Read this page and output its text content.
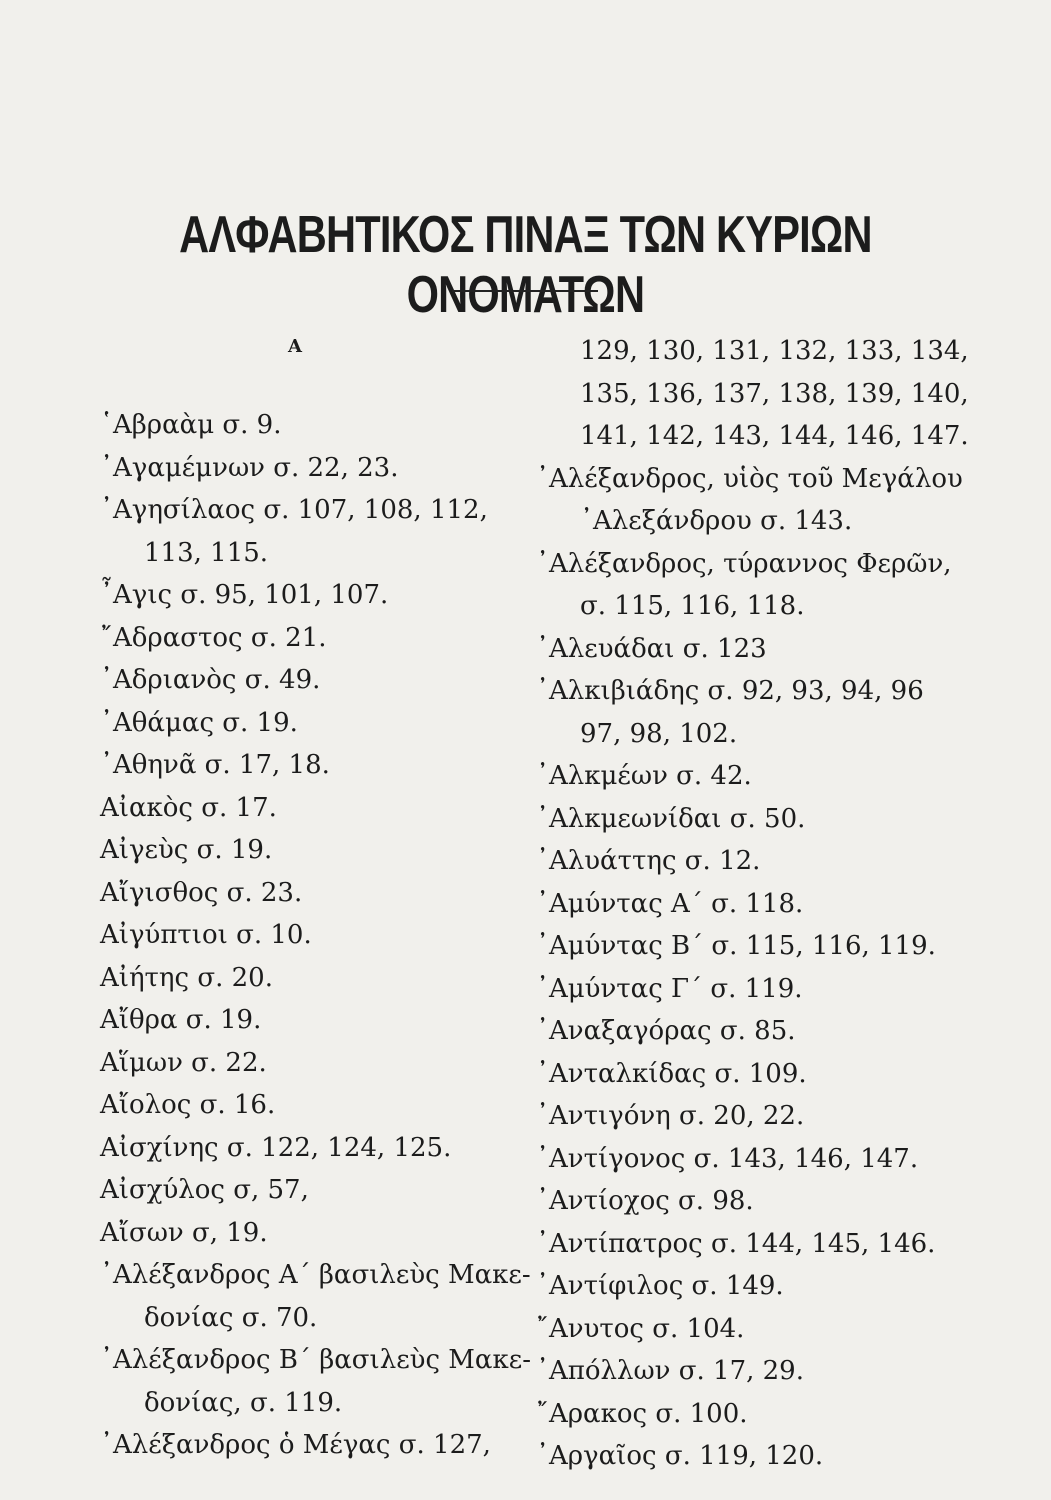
ΑΛΦΑΒΗΤΙΚΟΣ ΠΙΝΑΞ ΤΩΝ ΚΥΡΙΩΝ ΟΝΟΜΑΤΩΝ
Α
῾Αβραὰμ σ. 9.
᾿Αγαμέμνων σ. 22, 23.
᾿Αγησίλαος σ. 107, 108, 112,
113, 115.
῏Αγις σ. 95, 101, 107.
῎Αδραστος σ. 21.
᾿Αδριανὸς σ. 49.
᾿Αθάμας σ. 19.
᾿Αθηνᾶ σ. 17, 18.
Αἰακὸς σ. 17.
Αἰγεὺς σ. 19.
Αἴγισθος σ. 23.
Αἰγύπτιοι σ. 10.
Αἰήτης σ. 20.
Αἴθρα σ. 19.
Αἵμων σ. 22.
Αἴολος σ. 16.
Αἰσχίνης σ. 122, 124, 125.
Αἰσχύλος σ, 57,
Αἴσων σ, 19.
᾿Αλέξανδρος Α΄ βασιλεὺς Μακε-
δονίας σ. 70.
᾿Αλέξανδρος Β΄ βασιλεὺς Μακε-
δονίας, σ. 119.
᾿Αλέξανδρος ὁ Μέγας σ. 127,
129, 130, 131, 132, 133, 134,
135, 136, 137, 138, 139, 140,
141, 142, 143, 144, 146, 147.
᾿Αλέξανδρος, υἱὸς τοῦ Μεγάλου
᾿Αλεξάνδρου σ. 143.
᾿Αλέξανδρος, τύραννος Φερῶν,
σ. 115, 116, 118.
᾿Αλευάδαι σ. 123
᾿Αλκιβιάδης σ. 92, 93, 94, 96
97, 98, 102.
᾿Αλκμέων σ. 42.
᾿Αλκμεωνίδαι σ. 50.
᾿Αλυάττης σ. 12.
᾿Αμύντας Α΄ σ. 118.
᾿Αμύντας Β΄ σ. 115, 116, 119.
᾿Αμύντας Γ΄ σ. 119.
᾿Αναξαγόρας σ. 85.
᾿Ανταλκίδας σ. 109.
᾿Αντιγόνη σ. 20, 22.
᾿Αντίγονος σ. 143, 146, 147.
᾿Αντίοχος σ. 98.
᾿Αντίπατρος σ. 144, 145, 146.
᾿Αντίφιλος σ. 149.
῎Ανυτος σ. 104.
᾿Απόλλων σ. 17, 29.
῎Αρακος σ. 100.
᾿Αργαῖος σ. 119, 120.
